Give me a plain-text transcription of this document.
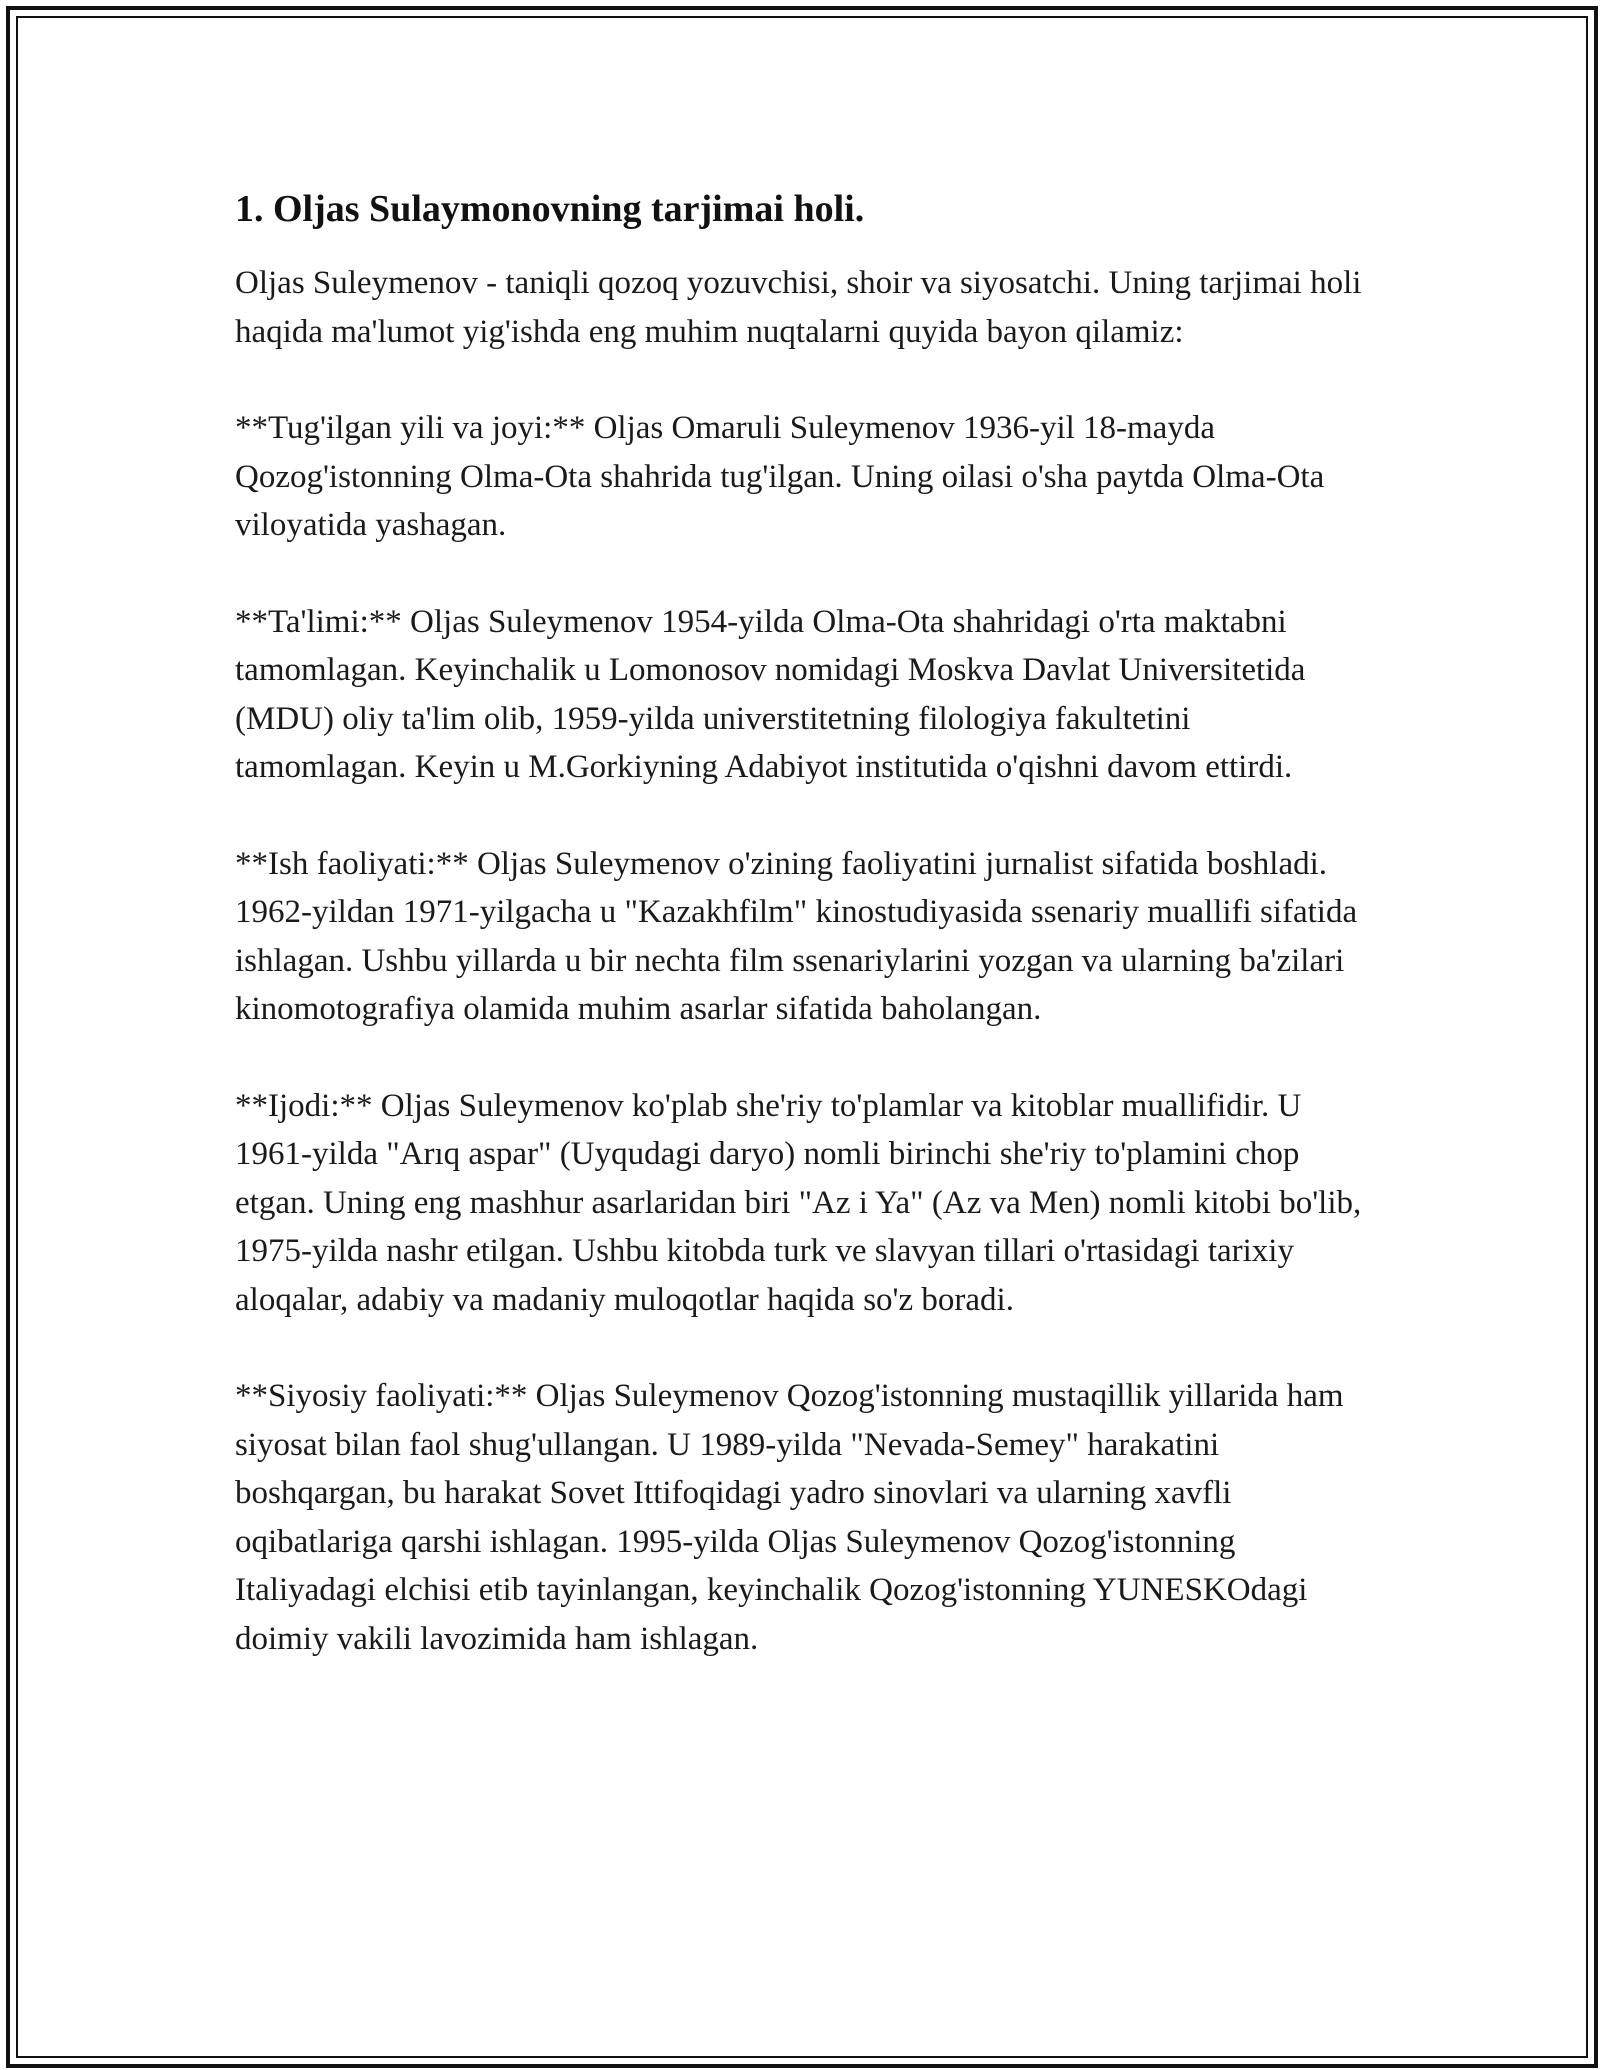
1. Oljas Sulaymonovning tarjimai holi.

Oljas Suleymenov - taniqli qozoq yozuvchisi, shoir va siyosatchi. Uning tarjimai holi haqida ma'lumot yig'ishda eng muhim nuqtalarni quyida bayon qilamiz:

**Tug'ilgan yili va joyi:** Oljas Omaruli Suleymenov 1936-yil 18-mayda Qozog'istonning Olma-Ota shahrida tug'ilgan. Uning oilasi o'sha paytda Olma-Ota viloyatida yashagan.

**Ta'limi:** Oljas Suleymenov 1954-yilda Olma-Ota shahridagi o'rta maktabni tamomlagan. Keyinchalik u Lomonosov nomidagi Moskva Davlat Universitetida (MDU) oliy ta'lim olib, 1959-yilda universtitetning filologiya fakultetini tamomlagan. Keyin u M.Gorkiyning Adabiyot institutida o'qishni davom ettirdi.

**Ish faoliyati:** Oljas Suleymenov o'zining faoliyatini jurnalist sifatida boshladi. 1962-yildan 1971-yilgacha u "Kazakhfilm" kinostudiyasida ssenariy muallifi sifatida ishlagan. Ushbu yillarda u bir nechta film ssenariylarini yozgan va ularning ba'zilari kinomotografiya olamida muhim asarlar sifatida baholangan.

**Ijodi:** Oljas Suleymenov ko'plab she'riy to'plamlar va kitoblar muallifidir. U 1961-yilda "Arıq aspar" (Uyqudagi daryo) nomli birinchi she'riy to'plamini chop etgan. Uning eng mashhur asarlaridan biri "Az i Ya" (Az va Men) nomli kitobi bo'lib, 1975-yilda nashr etilgan. Ushbu kitobda turk ve slavyan tillari o'rtasidagi tarixiy aloqalar, adabiy va madaniy muloqotlar haqida so'z boradi.

**Siyosiy faoliyati:** Oljas Suleymenov Qozog'istonning mustaqillik yillarida ham siyosat bilan faol shug'ullangan. U 1989-yilda "Nevada-Semey" harakatini boshqargan, bu harakat Sovet Ittifoqidagi yadro sinovlari va ularning xavfli oqibatlariga qarshi ishlagan. 1995-yilda Oljas Suleymenov Qozog'istonning Italiyadagi elchisi etib tayinlangan, keyinchalik Qozog'istonning YUNESKOdagi doimiy vakili lavozimida ham ishlagan.
